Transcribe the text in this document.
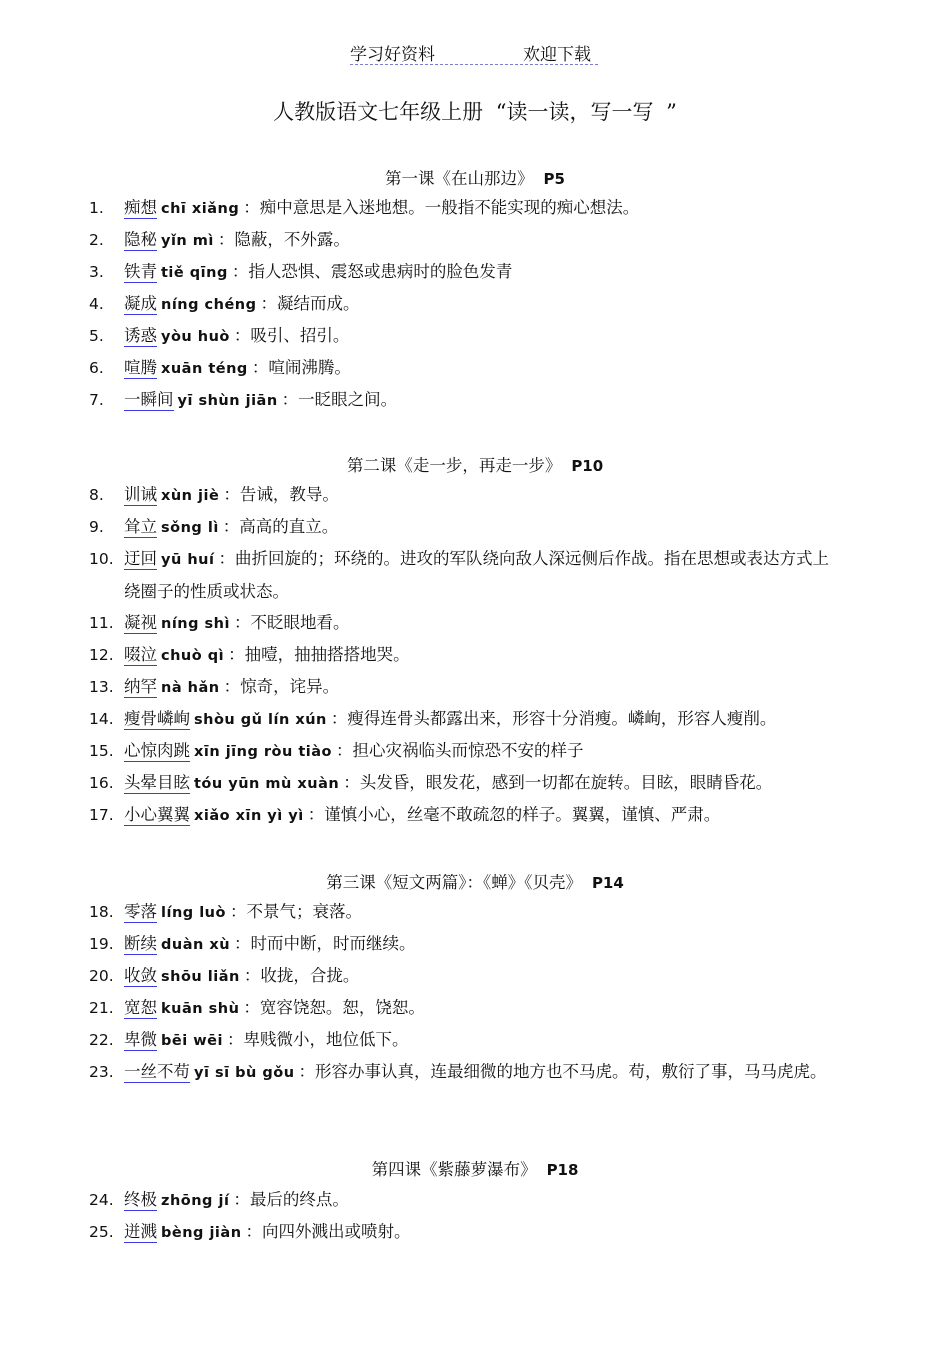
学习好资料	欢迎下载
人教版语文七年级上册 “读一读，写一写 ”
第一课《在山那边》 P5
第二课《走一步，再走一步》 P10
第三课《短文两篇》：《蝉》《贝壳》 P14
第四课《紫藤萝瀑布》 P18
1. 痴想 chī xiǎng ：痴中意思是入迷地想。一般指不能实现的痴心想法。
2. 隐秘 yǐn mì ：隐蔽，不外露。
3. 铁青 tiě qīng ：指人恐惧、震怒或患病时的脸色发青
4. 凝成 níng chéng ：凝结而成。
5. 诱惑 yòu huò ：吸引、招引。
6. 喧腾 xuān téng ：喧闹沸腾。
7. 一瞬间 yī shùn jiān ：一眨眼之间。
8. 训诫 xùn jiè ：告诫，教导。
9. 耸立 sǒng lì ：高高的直立。
10. 迂回 yū huí ：曲折回旋的；环绕的。进攻的军队绕向敌人深远侧后作战。指在思想或表达方式上绕圈子的性质或状态。
11. 凝视 níng shì ：不眨眼地看。
12. 啜泣 chuò qì ：抽噎，抽抽搭搭地哭。
13. 纳罕 nà hǎn ：惊奇，诧异。
14. 瘦骨嶙峋 shòu gǔ lín xún ：瘦得连骨头都露出来，形容十分消瘦。嶙峋，形容人瘦削。
15. 心惊肉跳 xīn jīng ròu tiào ：担心灾祸临头而惊恐不安的样子
16. 头晕目眩 tóu yūn mù xuàn ：头发昏，眼发花，感到一切都在旋转。目眩，眼睛昏花。
17. 小心翼翼 xiǎo xīn yì yì ：谨慎小心，丝毫不敢疏忽的样子。翼翼，谨慎、严肃。
18. 零落 líng luò ：不景气；衰落。
19. 断续 duàn xù ：时而中断，时而继续。
20. 收敛 shōu liǎn ：收拢，合拢。
21. 宽恕 kuān shù ：宽容饶恕。恕，饶恕。
22. 卑微 bēi wēi ：卑贱微小，地位低下。
23. 一丝不苟 yī sī bù gǒu ：形容办事认真，连最细微的地方也不马虎。苟，敷衍了事，马马虎虎。
24. 终极 zhōng jí ：最后的终点。
25. 迸溅 bèng jiàn ：向四外溅出或喷射。
